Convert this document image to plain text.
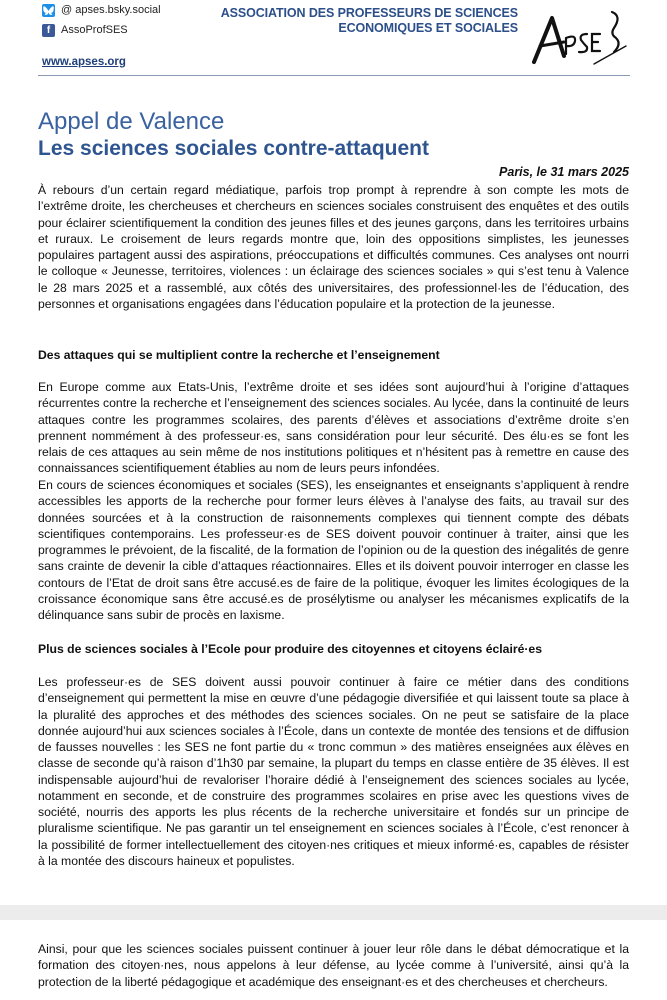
@ apses.bsky.social
f AssoProfSES
www.apses.org
ASSOCIATION DES PROFESSEURS DE SCIENCES
ECONOMIQUES ET SOCIALES
Appel de Valence
Les sciences sociales contre-attaquent
Paris, le 31 mars 2025

À rebours d’un certain regard médiatique, parfois trop prompt à reprendre à son compte les mots de l’extrême droite, les chercheuses et chercheurs en sciences sociales construisent des enquêtes et des outils pour éclairer scientifiquement la condition des jeunes filles et des jeunes garçons, dans les territoires urbains et ruraux. Le croisement de leurs regards montre que, loin des oppositions simplistes, les jeunesses populaires partagent aussi des aspirations, préoccupations et difficultés communes. Ces analyses ont nourri le colloque « Jeunesse, territoires, violences : un éclairage des sciences sociales » qui s’est tenu à Valence le 28 mars 2025 et a rassemblé, aux côtés des universitaires, des professionnel·les de l’éducation, des personnes et organisations engagées dans l’éducation populaire et la protection de la jeunesse.

Des attaques qui se multiplient contre la recherche et l’enseignement

En Europe comme aux Etats-Unis, l’extrême droite et ses idées sont aujourd’hui à l’origine d’attaques récurrentes contre la recherche et l’enseignement des sciences sociales. Au lycée, dans la continuité de leurs attaques contre les programmes scolaires, des parents d’élèves et associations d’extrême droite s’en prennent nommément à des professeur·es, sans considération pour leur sécurité. Des élu·es se font les relais de ces attaques au sein même de nos institutions politiques et n’hésitent pas à remettre en cause des connaissances scientifiquement établies au nom de leurs peurs infondées.

En cours de sciences économiques et sociales (SES), les enseignantes et enseignants s’appliquent à rendre accessibles les apports de la recherche pour former leurs élèves à l’analyse des faits, au travail sur des données sourcées et à la construction de raisonnements complexes qui tiennent compte des débats scientifiques contemporains. Les professeur·es de SES doivent pouvoir continuer à traiter, ainsi que les programmes le prévoient, de la fiscalité, de la formation de l’opinion ou de la question des inégalités de genre sans crainte de devenir la cible d’attaques réactionnaires. Elles et ils doivent pouvoir interroger en classe les contours de l’Etat de droit sans être accusé.es de faire de la politique, évoquer les limites écologiques de la croissance économique sans être accusé.es de prosélytisme ou analyser les mécanismes explicatifs de la délinquance sans subir de procès en laxisme.

Plus de sciences sociales à l’Ecole pour produire des citoyennes et citoyens éclairé·es

Les professeur·es de SES doivent aussi pouvoir continuer à faire ce métier dans des conditions d’enseignement qui permettent la mise en œuvre d’une pédagogie diversifiée et qui laissent toute sa place à la pluralité des approches et des méthodes des sciences sociales. On ne peut se satisfaire de la place donnée aujourd’hui aux sciences sociales à l’École, dans un contexte de montée des tensions et de diffusion de fausses nouvelles : les SES ne font partie du « tronc commun » des matières enseignées aux élèves en classe de seconde qu’à raison d’1h30 par semaine, la plupart du temps en classe entière de 35 élèves. Il est indispensable aujourd’hui de revaloriser l’horaire dédié à l’enseignement des sciences sociales au lycée, notamment en seconde, et de construire des programmes scolaires en prise avec les questions vives de société, nourris des apports les plus récents de la recherche universitaire et fondés sur un principe de pluralisme scientifique. Ne pas garantir un tel enseignement en sciences sociales à l’École, c’est renoncer à la possibilité de former intellectuellement des citoyen·nes critiques et mieux informé·es, capables de résister à la montée des discours haineux et populistes.

Ainsi, pour que les sciences sociales puissent continuer à jouer leur rôle dans le débat démocratique et la formation des citoyen·nes, nous appelons à leur défense, au lycée comme à l’université, ainsi qu’à la protection de la liberté pédagogique et académique des enseignant·es et des chercheuses et chercheurs.
